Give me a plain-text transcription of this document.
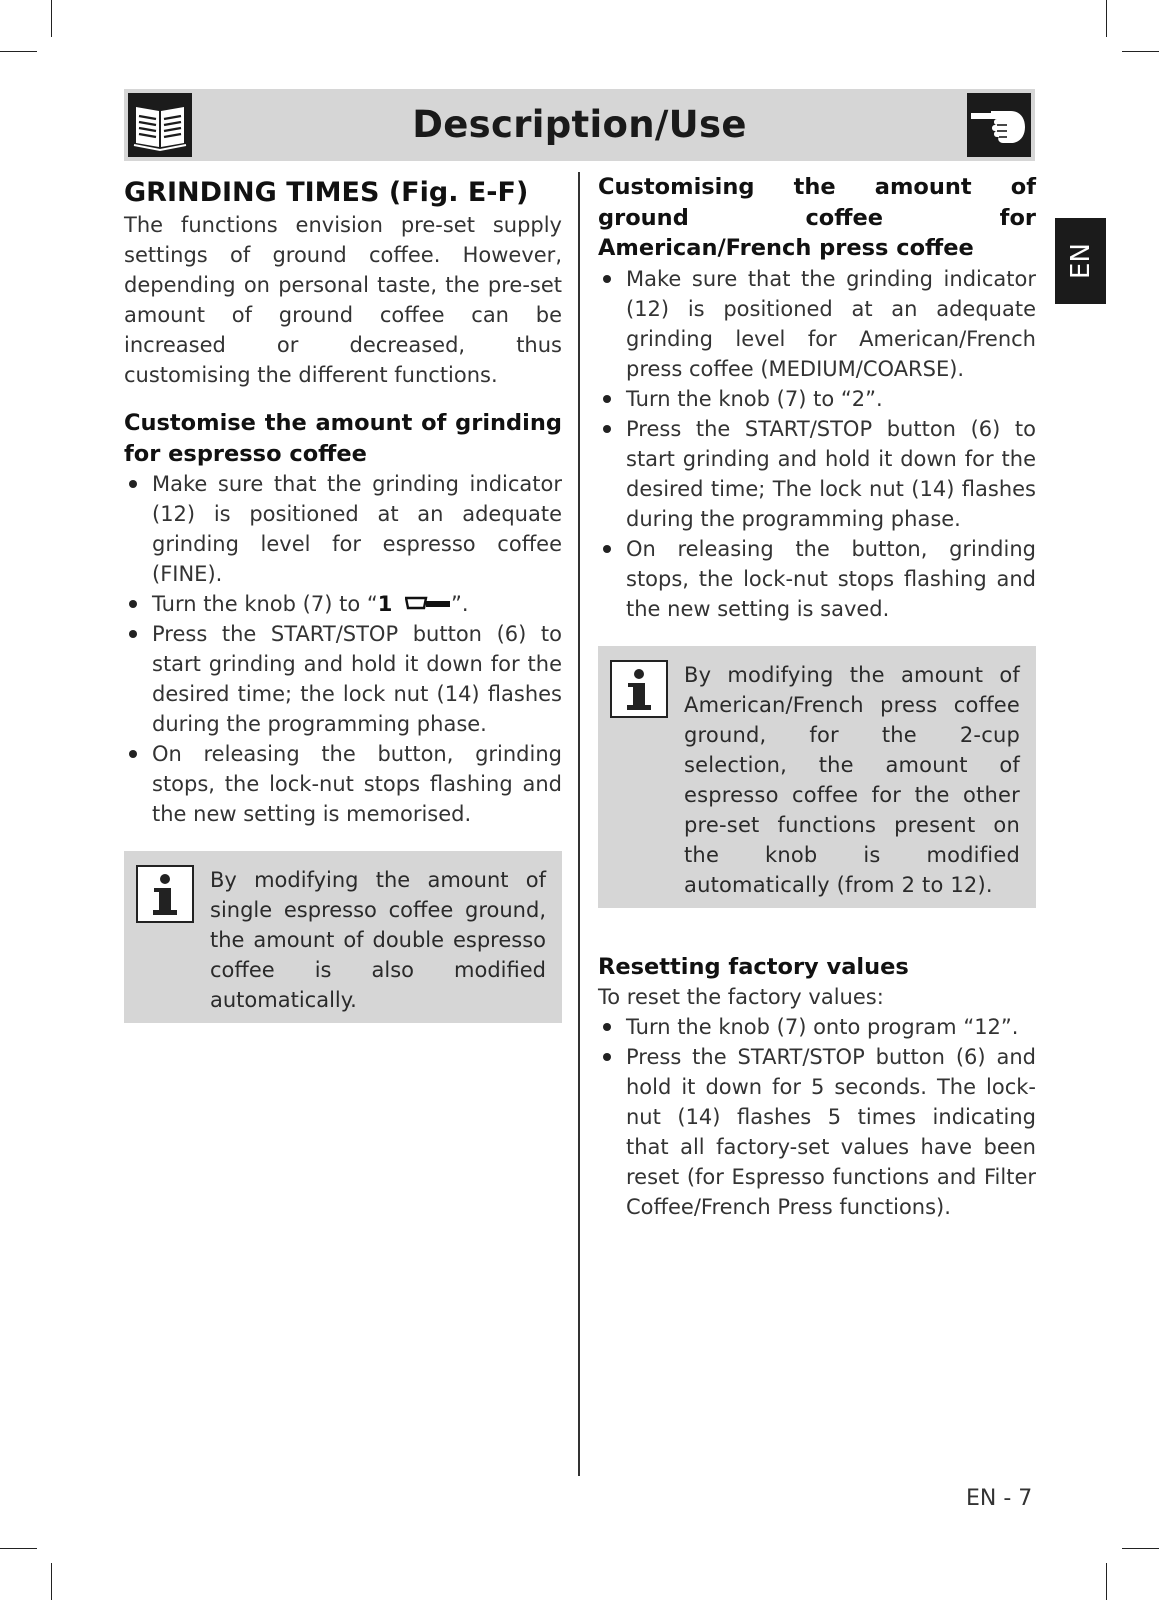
Description/Use
EN
GRINDING TIMES (Fig. E-F)

The functions envision pre-set supply settings of ground coffee. However, depending on personal taste, the pre-set amount of ground coffee can be increased or decreased, thus customising the different functions.

Customise the amount of grinding for espresso coffee
Make sure that the grinding indicator (12) is positioned at an adequate grinding level for espresso coffee (FINE).
Turn the knob (7) to “1	”.
Press the START/STOP button (6) to start grinding and hold it down for the desired time; the lock nut (14) flashes during the programming phase.
On releasing the button, grinding stops, the lock-nut stops flashing and the new setting is memorised.

By modifying the amount of single espresso coffee ground, the amount of double espresso coffee is also modified automatically.

Customising the amount of ground coffee for American/French press coffee
Make sure that the grinding indicator (12) is positioned at an adequate grinding level for American/French press coffee (MEDIUM/COARSE).
Turn the knob (7) to “2”.
Press the START/STOP button (6) to start grinding and hold it down for the desired time; The lock nut (14) flashes during the programming phase.
On releasing the button, grinding stops, the lock-nut stops flashing and the new setting is saved.

By modifying the amount of American/French press coffee ground, for the 2-cup selection, the amount of espresso coffee for the other pre-set functions present on the knob is modified automatically (from 2 to 12).

Resetting factory values

To reset the factory values:

Turn the knob (7) onto program “12”.
Press the START/STOP button (6) and hold it down for 5 seconds. The lock-nut (14) flashes 5 times indicating that all factory-set values have been reset (for Espresso functions and Filter Coffee/French Press functions).
EN - 7
